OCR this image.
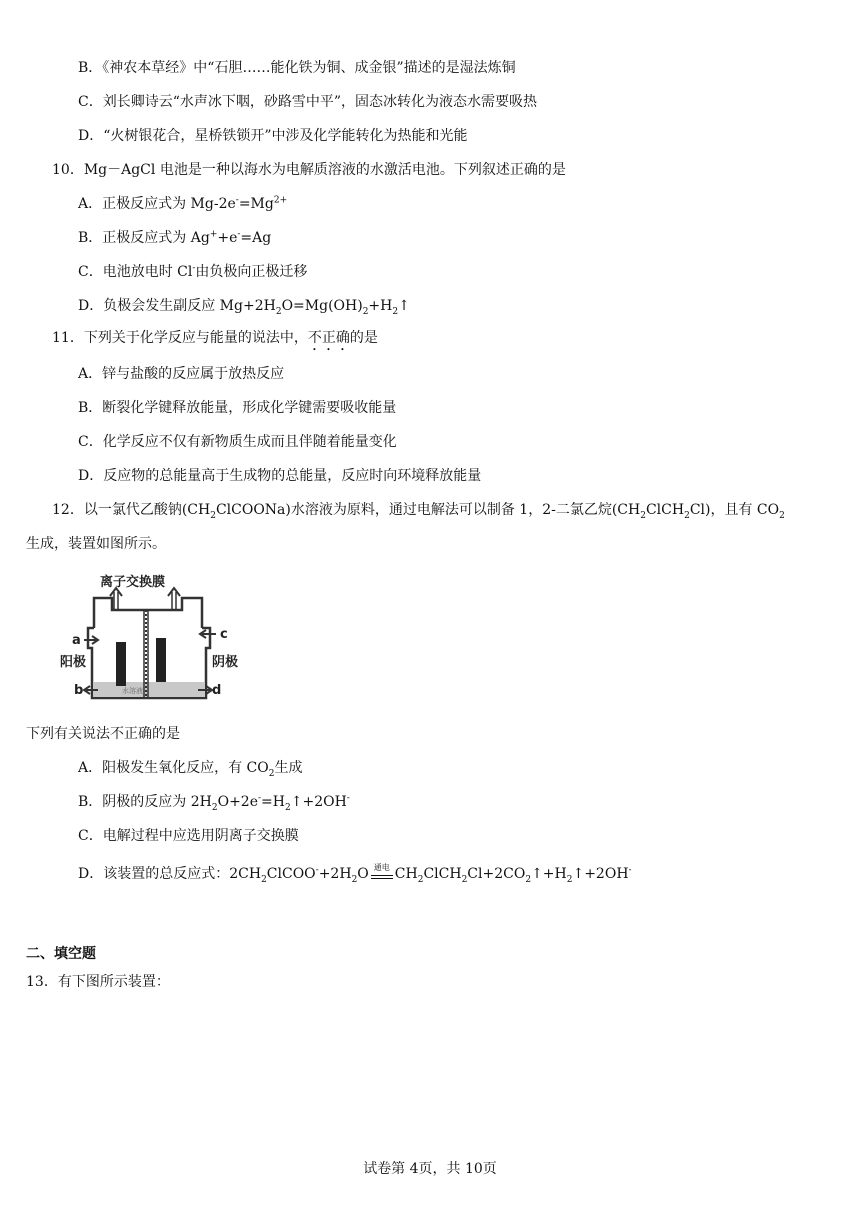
B．《神农本草经》中“石胆……能化铁为铜、成金银”描述的是湿法炼铜
C．刘长卿诗云“水声冰下咽，砂路雪中平”，固态冰转化为液态水需要吸热
D．“火树银花合，星桥铁锁开”中涉及化学能转化为热能和光能
10．Mg－AgCl 电池是一种以海水为电解质溶液的水激活电池。下列叙述正确的是
A．正极反应式为 $Mg-2e^-=Mg^{2+}$
B．正极反应式为 Ag++e-=Ag
C．电池放电时 Cl-由负极向正极迁移
D．负极会发生副反应 $Mg+2H_2O=Mg(OH)_2+H_2↑$
11．下列关于化学反应与能量的说法中，不正确的是
A．锌与盐酸的反应属于放热反应
B．断裂化学键释放能量，形成化学键需要吸收能量
C．化学反应不仅有新物质生成而且伴随着能量变化
D．反应物的总能量高于生成物的总能量，反应时向环境释放能量
12．以一氯代乙酸钠$(CH_2ClCOONa)$水溶液为原料，通过电解法可以制备 1，2-二氯乙烷$(CH_2ClCH_2Cl)$，且有 $CO_2$
生成，装置如图所示。
离子交换膜
水溶液
a
阳极
b
c
阴极
d
下列有关说法不正确的是
A．阳极发生氧化反应，有 $CO_2$生成
B．阴极的反应为 $2H_2O+2e^-=H_2↑+2OH^-$
C．电解过程中应选用阴离子交换膜
D．该装置的总反应式：$2CH_2ClCOO^-+2H_2O$ 通电 $CH_2ClCH_2Cl+2CO_2↑+H_2↑+2OH^-$
二、填空题
13．有下图所示装置：
试卷第 4页，共 10页
